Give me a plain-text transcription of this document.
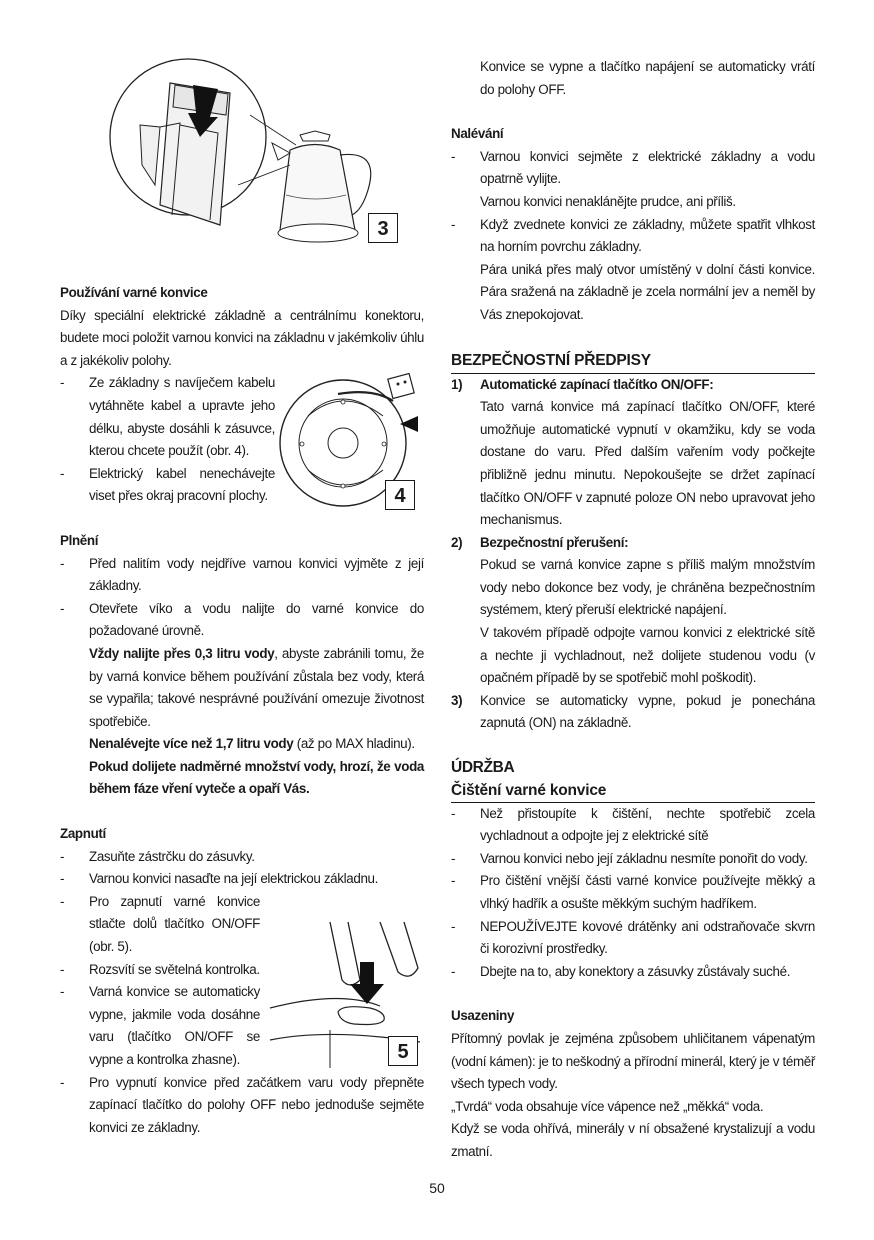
3
4
5

Používání varné konvice

Díky speciální elektrické základně a centrálnímu konektoru, budete moci položit varnou konvici na základnu v jakémkoliv úhlu a z jakékoliv polohy.

- Ze základny s navíječem kabelu vytáhněte kabel a upravte jeho délku, abyste dosáhli k zásuvce, kterou chcete použít (obr. 4).
- Elektrický kabel nenechávejte viset přes okraj pracovní plochy.

Plnění

- Před nalitím vody nejdříve varnou konvici vyjměte z její základny.
- Otevřete víko a vodu nalijte do varné konvice do požadované úrovně.

Vždy nalijte přes 0,3 litru vody, abyste zabránili tomu, že by varná konvice během používání zůstala bez vody, která se vypařila; takové nesprávné používání omezuje životnost spotřebiče.

Nenalévejte více než 1,7 litru vody (až po MAX hladinu).

Pokud dolijete nadměrné množství vody, hrozí, že voda během fáze vření vyteče a opaří Vás.

Zapnutí

- Zasuňte zástrčku do zásuvky.
- Varnou konvici nasaďte na její elektrickou základnu.
- Pro zapnutí varné konvice stlačte dolů tlačítko ON/OFF (obr. 5).
- Rozsvítí se světelná kontrolka.
- Varná konvice se automaticky vypne, jakmile voda dosáhne varu (tlačítko ON/OFF se vypne a kontrolka zhasne).
- Pro vypnutí konvice před začátkem varu vody přepněte zapínací tlačítko do polohy OFF nebo jednoduše sejměte konvici ze základny.

Konvice se vypne a tlačítko napájení se automaticky vrátí do polohy OFF.

Nalévání

- Varnou konvici sejměte z elektrické základny a vodu opatrně vylijte.

Varnou konvici nenaklánějte prudce, ani příliš.

- Když zvednete konvici ze základny, můžete spatřit vlhkost na horním povrchu základny.

Pára uniká přes malý otvor umístěný v dolní části konvice. Pára sražená na základně je zcela normální jev a neměl by Vás znepokojovat.

BEZPEČNOSTNÍ PŘEDPISY

1) Automatické zapínací tlačítko ON/OFF:

Tato varná konvice má zapínací tlačítko ON/OFF, které umožňuje automatické vypnutí v okamžiku, kdy se voda dostane do varu. Před dalším vařením vody počkejte přibližně jednu minutu. Nepokoušejte se držet zapínací tlačítko ON/OFF v zapnuté poloze ON nebo upravovat jeho mechanismus.

2) Bezpečnostní přerušení:

Pokud se varná konvice zapne s příliš malým množstvím vody nebo dokonce bez vody, je chráněna bezpečnostním systémem, který přeruší elektrické napájení.

V takovém případě odpojte varnou konvici z elektrické sítě a nechte ji vychladnout, než dolijete studenou vodu (v opačném případě by se spotřebič mohl poškodit).

3) Konvice se automaticky vypne, pokud je ponechána zapnutá (ON) na základně.

ÚDRŽBA

Čištění varné konvice

- Než přistoupíte k čištění, nechte spotřebič zcela vychladnout a odpojte jej z elektrické sítě
- Varnou konvici nebo její základnu nesmíte ponořit do vody.
- Pro čištění vnější části varné konvice používejte měkký a vlhký hadřík a osušte měkkým suchým hadříkem.
- NEPOUŽÍVEJTE kovové drátěnky ani odstraňovače skvrn či korozivní prostředky.
- Dbejte na to, aby konektory a zásuvky zůstávaly suché.

Usazeniny

Přítomný povlak je zejména způsobem uhličitanem vápenatým (vodní kámen): je to neškodný a přírodní minerál, který je v téměř všech typech vody.

„Tvrdá“ voda obsahuje více vápence než „měkká“ voda.

Když se voda ohřívá, minerály v ní obsažené krystalizují a vodu zmatní.

50
